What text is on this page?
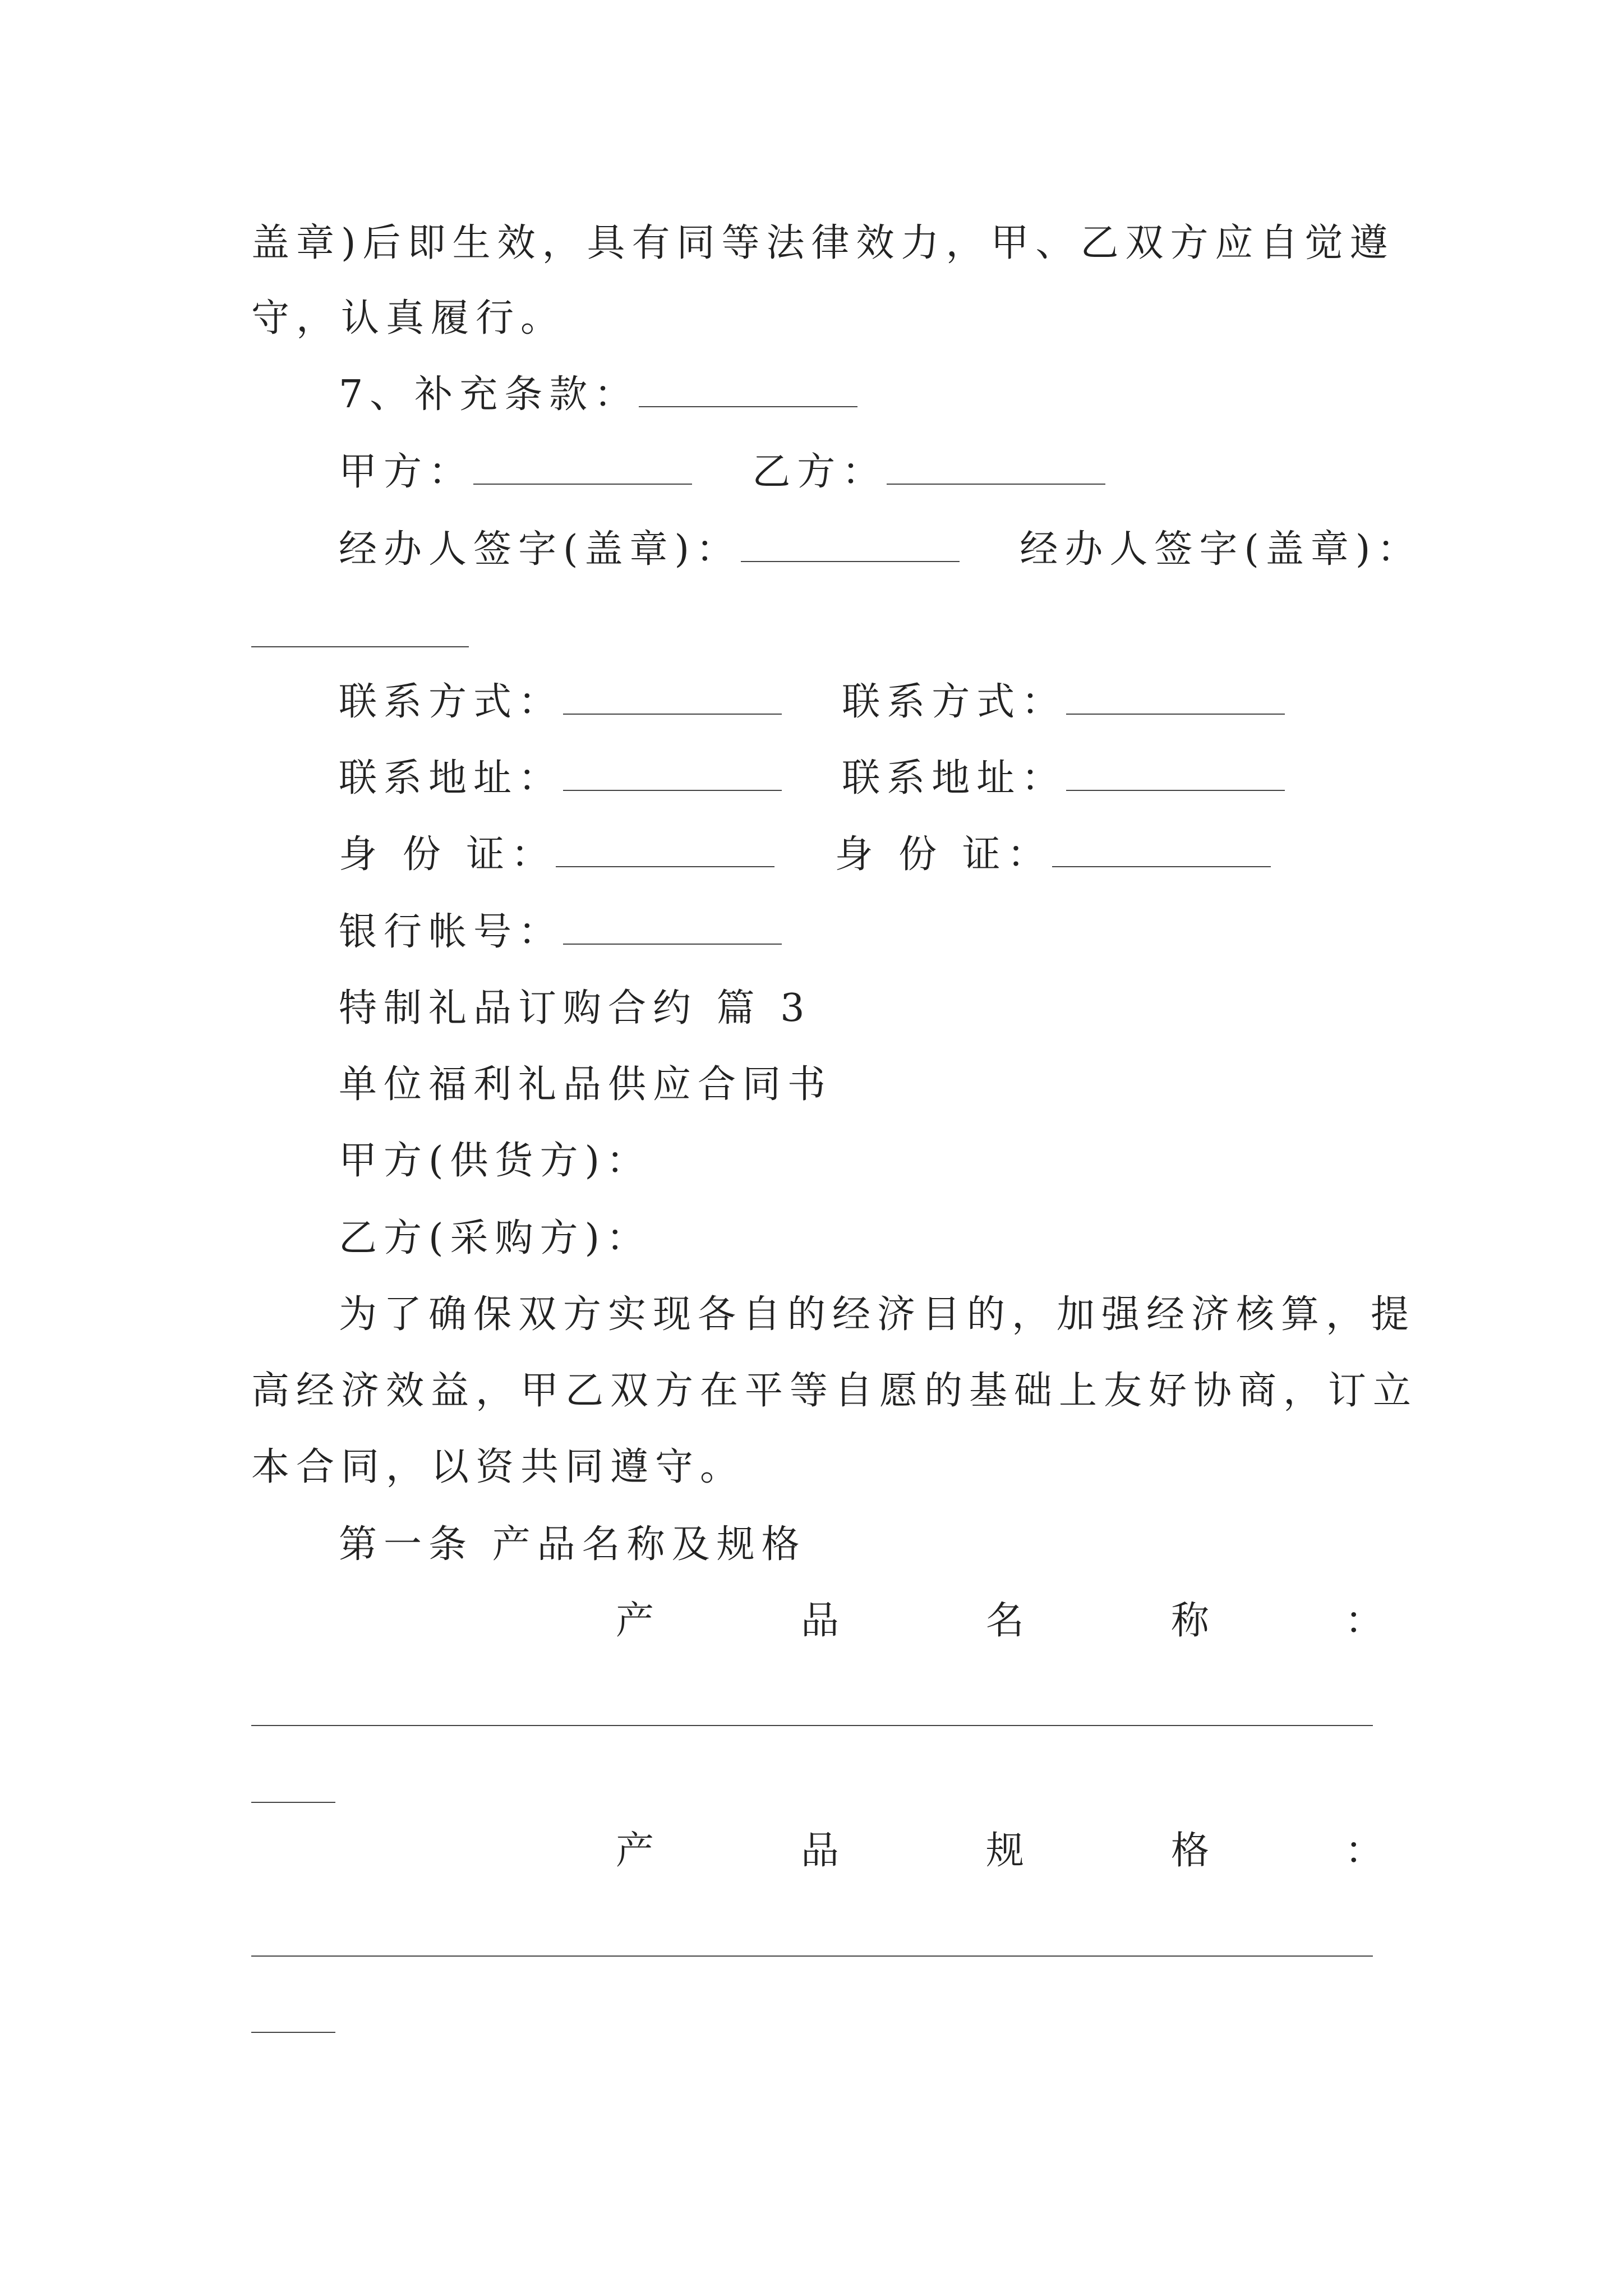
盖章)后即生效，具有同等法律效力，甲、乙双方应自觉遵
守，认真履行。
7、补充条款：
甲方：	乙方：
经办人签字(盖章)：	经办人签字(盖章)：
联系方式：	联系方式：
联系地址：	联系地址：
身 份 证：	身 份 证：
银行帐号：
特制礼品订购合约 篇 3
单位福利礼品供应合同书
甲方(供货方)：
乙方(采购方)：
为了确保双方实现各自的经济目的，加强经济核算，提
高经济效益，甲乙双方在平等自愿的基础上友好协商，订立
本合同，以资共同遵守。
第一条 产品名称及规格
产	品	名	称	：
产	品	规	格	：
